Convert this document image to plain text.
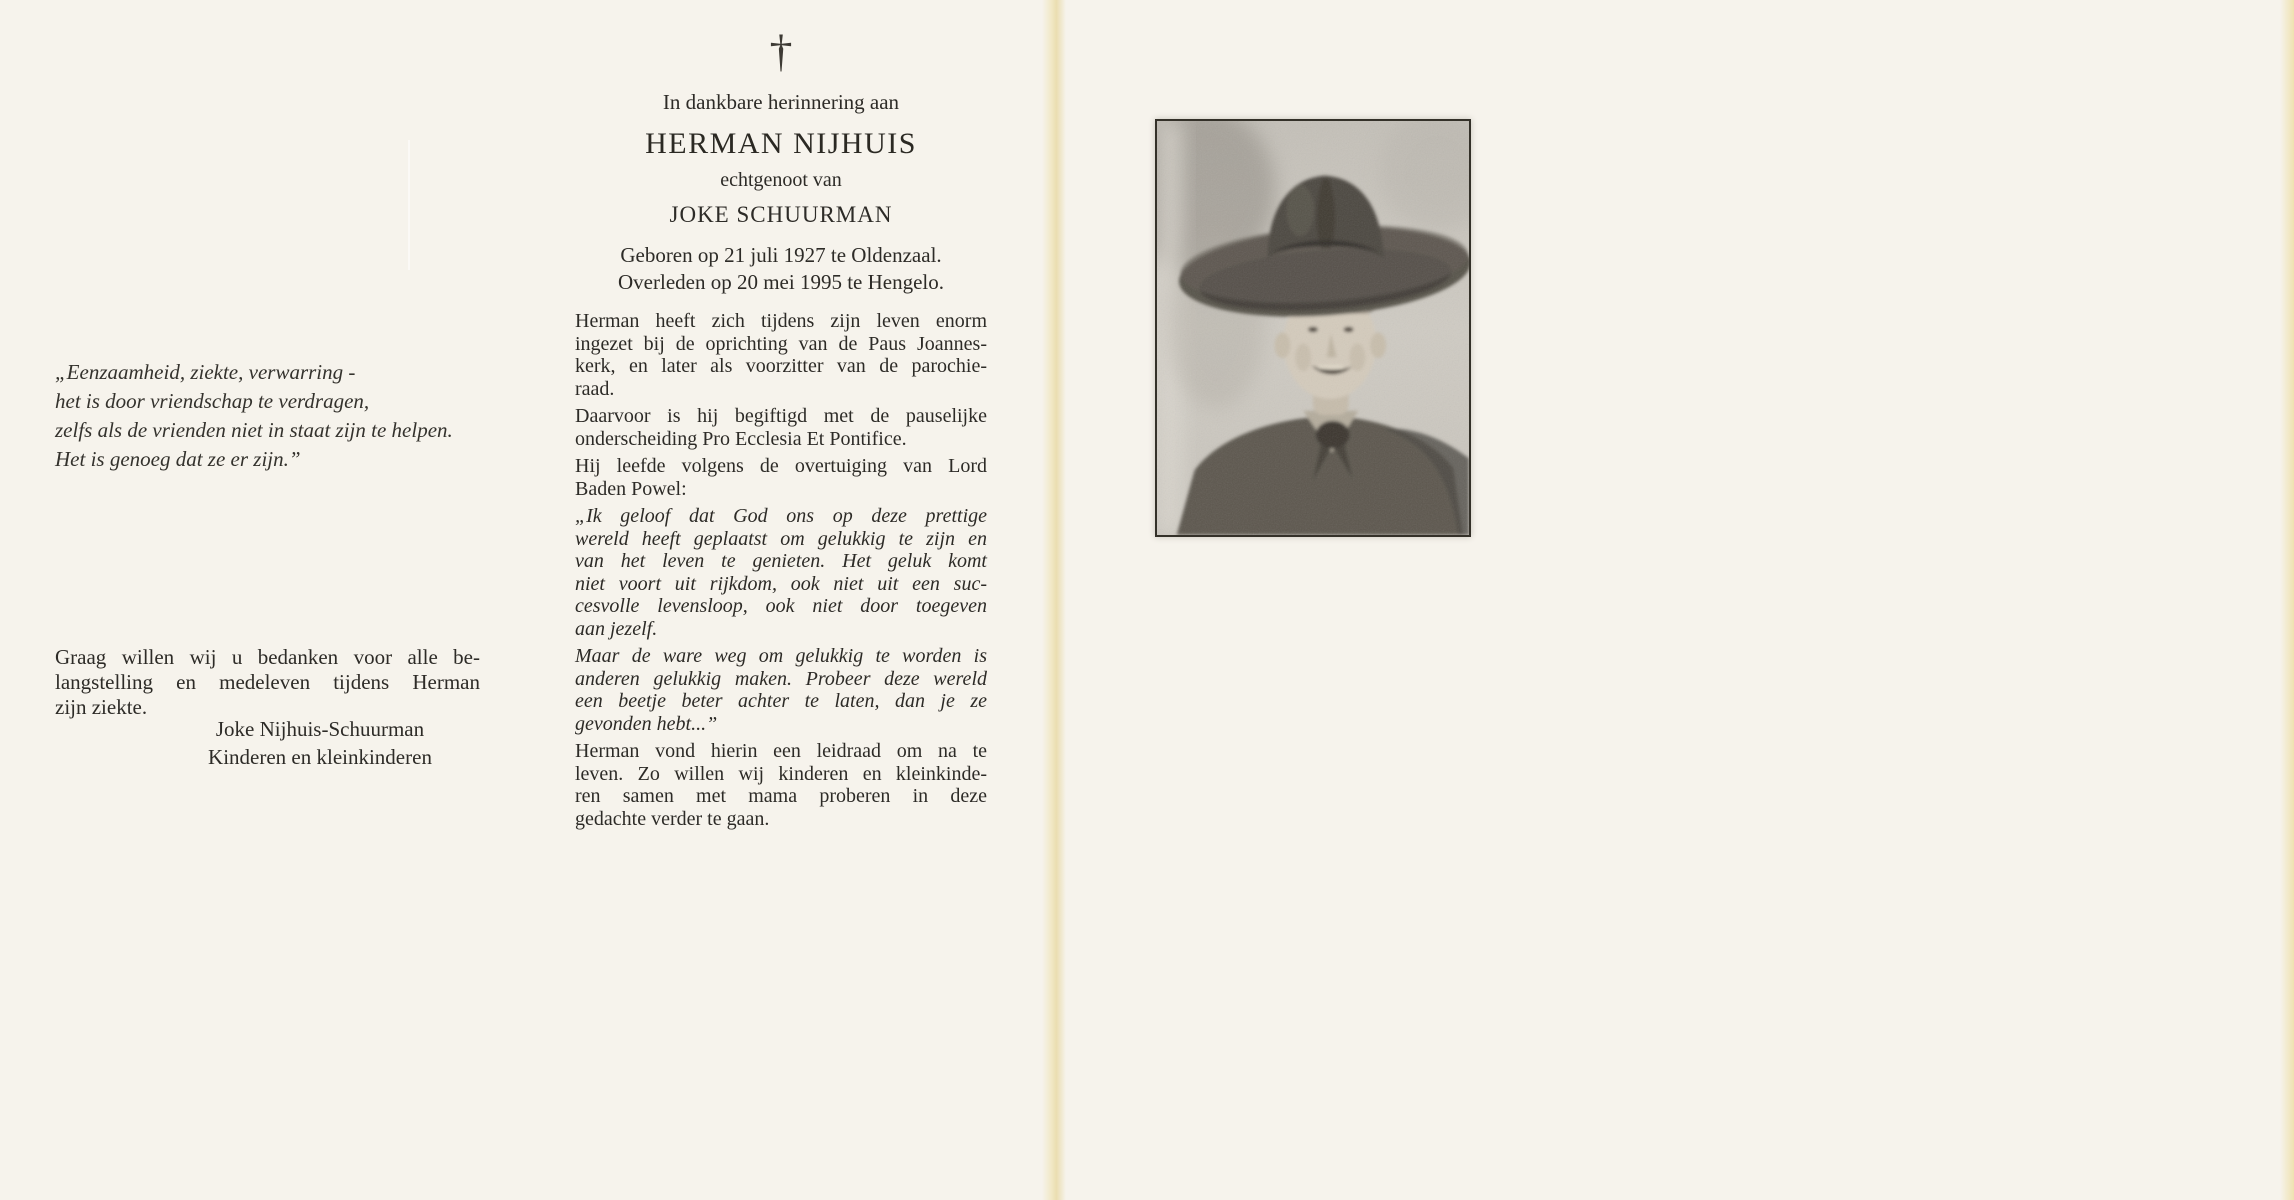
„Eenzaamheid, ziekte, verwarring -
het is door vriendschap te verdragen,
zelfs als de vrienden niet in staat zijn te helpen.
Het is genoeg dat ze er zijn.”
Graag willen wij u bedanken voor alle be-
langstelling en medeleven tijdens Herman
zijn ziekte.
Joke Nijhuis-Schuurman
Kinderen en kleinkinderen
†
In dankbare herinnering aan
HERMAN NIJHUIS
echtgenoot van
JOKE SCHUURMAN
Geboren op 21 juli 1927 te Oldenzaal.
Overleden op 20 mei 1995 te Hengelo.
Herman heeft zich tijdens zijn leven enorm
ingezet bij de oprichting van de Paus Joannes-
kerk, en later als voorzitter van de parochie-
raad.
Daarvoor is hij begiftigd met de pauselijke
onderscheiding Pro Ecclesia Et Pontifice.
Hij leefde volgens de overtuiging van Lord
Baden Powel:
„Ik geloof dat God ons op deze prettige
wereld heeft geplaatst om gelukkig te zijn en
van het leven te genieten. Het geluk komt
niet voort uit rijkdom, ook niet uit een suc-
cesvolle levensloop, ook niet door toegeven
aan jezelf.
Maar de ware weg om gelukkig te worden is
anderen gelukkig maken. Probeer deze wereld
een beetje beter achter te laten, dan je ze
gevonden hebt...”
Herman vond hierin een leidraad om na te
leven. Zo willen wij kinderen en kleinkinde-
ren samen met mama proberen in deze
gedachte verder te gaan.
